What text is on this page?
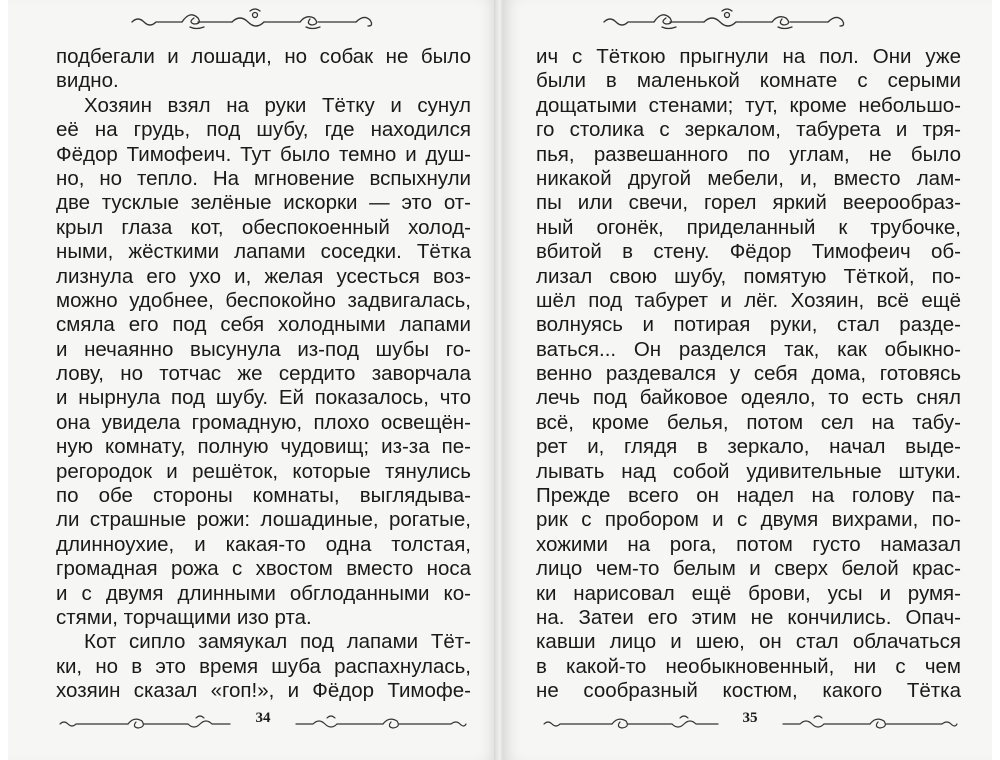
подбегали и лошади, но собак не было
видно.
Хозяин взял на руки Тётку и сунул
её на грудь, под шубу, где находился
Фёдор Тимофеич. Тут было темно и душ-
но, но тепло. На мгновение вспыхнули
две тусклые зелёные искорки — это от-
крыл глаза кот, обеспокоенный холод-
ными, жёсткими лапами соседки. Тётка
лизнула его ухо и, желая усесться воз-
можно удобнее, беспокойно задвигалась,
смяла его под себя холодными лапами
и нечаянно высунула из-под шубы го-
лову, но тотчас же сердито заворчала
и нырнула под шубу. Ей показалось, что
она увидела громадную, плохо освещён-
ную комнату, полную чудовищ; из-за пе-
регородок и решёток, которые тянулись
по обе стороны комнаты, выглядыва-
ли страшные рожи: лошадиные, рогатые,
длинноухие, и какая-то одна толстая,
громадная рожа с хвостом вместо носа
и с двумя длинными обглоданными ко-
стями, торчащими изо рта.
Кот сипло замяукал под лапами Тёт-
ки, но в это время шуба распахнулась,
хозяин сказал «гоп!», и Фёдор Тимофе-
34
ич с Тёткою прыгнули на пол. Они уже
были в маленькой комнате с серыми
дощатыми стенами; тут, кроме небольшо-
го столика с зеркалом, табурета и тря-
пья, развешанного по углам, не было
никакой другой мебели, и, вместо лам-
пы или свечи, горел яркий веерообраз-
ный огонёк, приделанный к трубочке,
вбитой в стену. Фёдор Тимофеич об-
лизал свою шубу, помятую Тёткой, по-
шёл под табурет и лёг. Хозяин, всё ещё
волнуясь и потирая руки, стал разде-
ваться... Он разделся так, как обыкно-
венно раздевался у себя дома, готовясь
лечь под байковое одеяло, то есть снял
всё, кроме белья, потом сел на табу-
рет и, глядя в зеркало, начал выде-
лывать над собой удивительные штуки.
Прежде всего он надел на голову па-
рик с пробором и с двумя вихрами, по-
хожими на рога, потом густо намазал
лицо чем-то белым и сверх белой крас-
ки нарисовал ещё брови, усы и румя-
на. Затеи его этим не кончились. Опач-
кавши лицо и шею, он стал облачаться
в какой-то необыкновенный, ни с чем
не сообразный костюм, какого Тётка
35
